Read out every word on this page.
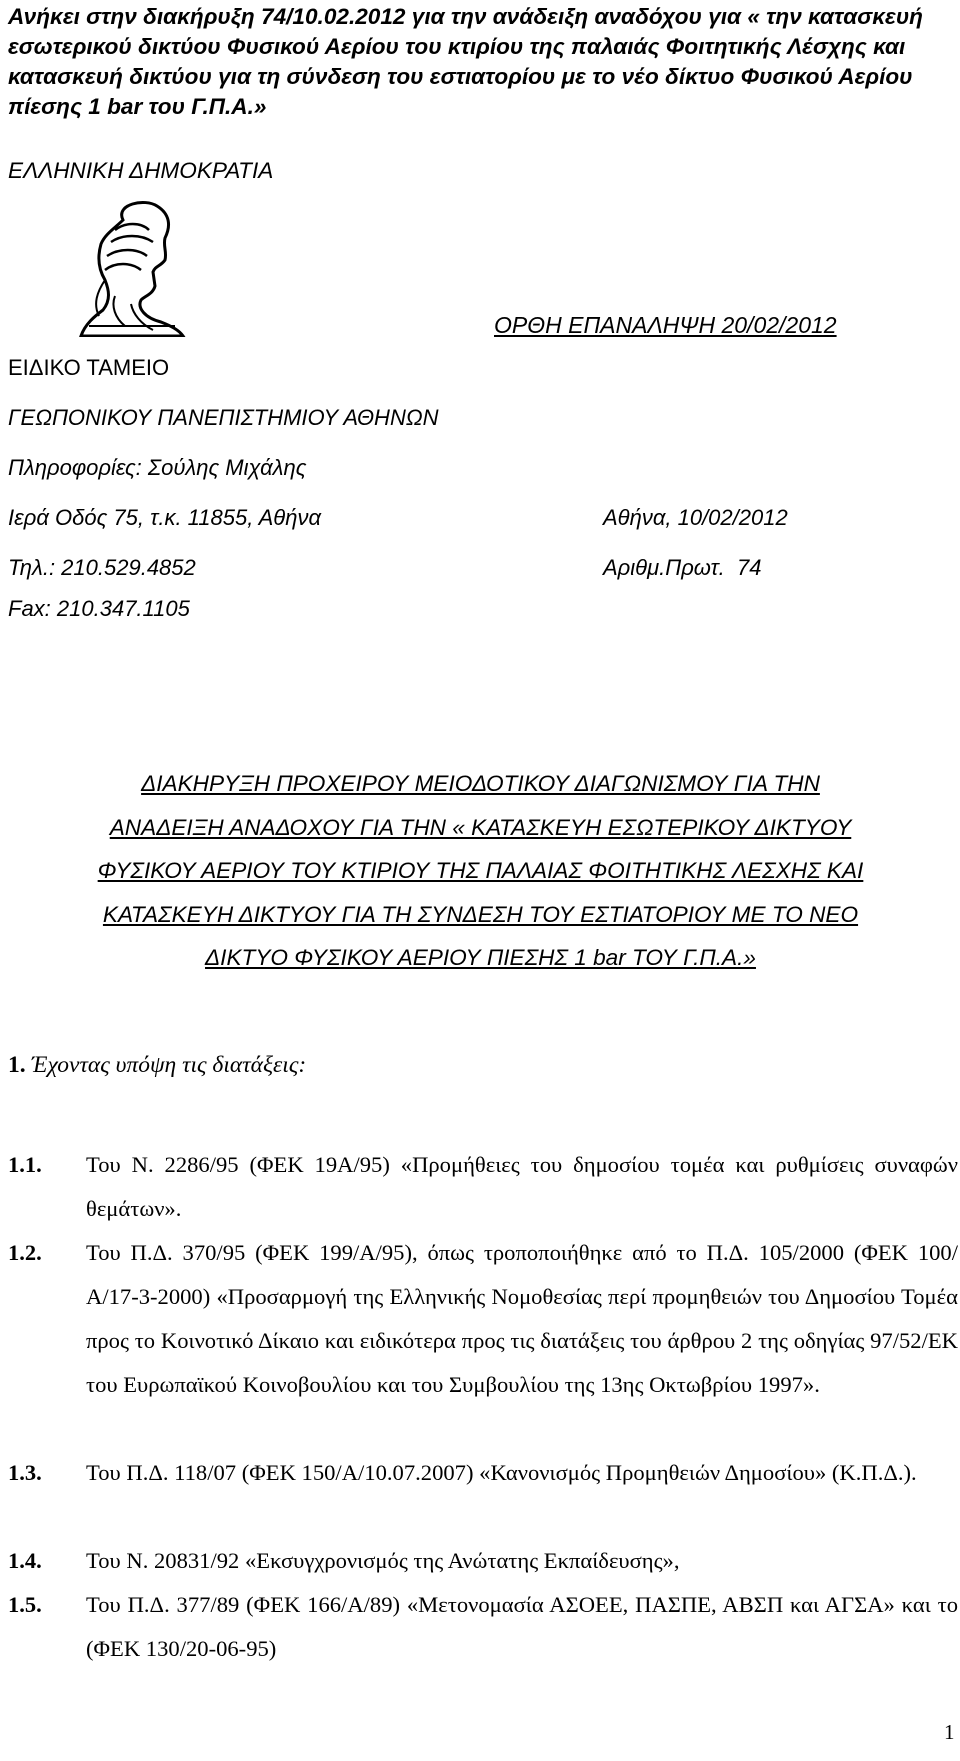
Ανήκει στην διακήρυξη 74/10.02.2012 για την ανάδειξη αναδόχου για « την κατασκευή εσωτερικού δικτύου Φυσικού Αερίου του κτιρίου της παλαιάς Φοιτητικής Λέσχης και κατασκευή δικτύου για τη σύνδεση του εστιατορίου με το νέο δίκτυο Φυσικού Αερίου πίεσης 1 bar του Γ.Π.Α.»
ΕΛΛΗΝΙΚΗ ΔΗΜΟΚΡΑΤΙΑ
ΟΡΘΗ ΕΠΑΝΑΛΗΨΗ 20/02/2012
ΕΙΔΙΚΟ ΤΑΜΕΙΟ
ΓΕΩΠΟΝΙΚΟΥ ΠΑΝΕΠΙΣΤΗΜΙΟΥ ΑΘΗΝΩΝ
Πληροφορίες: Σούλης Μιχάλης
Ιερά Οδός 75, τ.κ. 11855, Αθήνα
Τηλ.: 210.529.4852
Fax: 210.347.1105
Αθήνα, 10/02/2012
Αριθμ.Πρωτ.  74
ΔΙΑΚΗΡΥΞΗ ΠΡΟΧΕΙΡΟΥ ΜΕΙΟΔΟΤΙΚΟΥ ΔΙΑΓΩΝΙΣΜΟΥ ΓΙΑ ΤΗΝ
ΑΝΑΔΕΙΞΗ ΑΝΑΔΟΧΟΥ ΓΙΑ ΤΗΝ « ΚΑΤΑΣΚΕΥΗ ΕΣΩΤΕΡΙΚΟΥ ΔΙΚΤΥΟΥ
ΦΥΣΙΚΟΥ ΑΕΡΙΟΥ ΤΟΥ ΚΤΙΡΙΟΥ ΤΗΣ ΠΑΛΑΙΑΣ ΦΟΙΤΗΤΙΚΗΣ ΛΕΣΧΗΣ ΚΑΙ
ΚΑΤΑΣΚΕΥΗ ΔΙΚΤΥΟΥ ΓΙΑ ΤΗ ΣΥΝΔΕΣΗ ΤΟΥ ΕΣΤΙΑΤΟΡΙΟΥ ΜΕ ΤΟ ΝΕΟ
ΔΙΚΤΥΟ ΦΥΣΙΚΟΥ ΑΕΡΙΟΥ ΠΙΕΣΗΣ 1 bar ΤΟΥ Γ.Π.Α.»
1. Έχοντας υπόψη τις διατάξεις:
1.1. Του Ν. 2286/95 (ΦΕΚ 19Α/95) «Προμήθειες του δημοσίου τομέα και ρυθμίσεις συναφών θεμάτων».
1.2. Του Π.Δ. 370/95 (ΦΕΚ 199/Α/95), όπως τροποποιήθηκε από το Π.Δ. 105/2000 (ΦΕΚ 100/Α/17-3-2000) «Προσαρμογή της Ελληνικής Νομοθεσίας περί προμηθειών του Δημοσίου Τομέα προς το Κοινοτικό Δίκαιο και ειδικότερα προς τις διατάξεις του άρθρου 2 της οδηγίας 97/52/ΕΚ του Ευρωπαϊκού Κοινοβουλίου και του Συμβουλίου της 13ης Οκτωβρίου 1997».
1.3. Του Π.Δ. 118/07 (ΦΕΚ 150/Α/10.07.2007) «Κανονισμός Προμηθειών Δημοσίου» (Κ.Π.Δ.).
1.4. Του Ν. 20831/92 «Εκσυγχρονισμός της Ανώτατης Εκπαίδευσης»,
1.5. Του Π.Δ. 377/89 (ΦΕΚ 166/Α/89) «Μετονομασία ΑΣΟΕΕ, ΠΑΣΠΕ, ΑΒΣΠ και ΑΓΣΑ» και το (ΦΕΚ 130/20-06-95)
1
